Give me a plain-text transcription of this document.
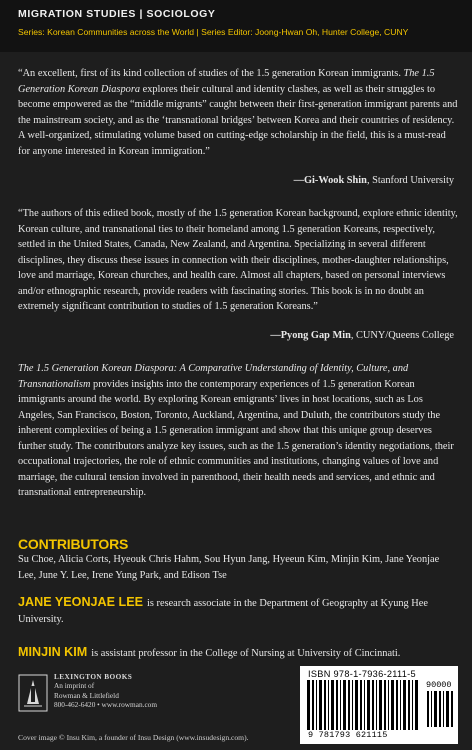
MIGRATION STUDIES | SOCIOLOGY
Series: Korean Communities across the World | Series Editor: Joong-Hwan Oh, Hunter College, CUNY
“An excellent, first of its kind collection of studies of the 1.5 generation Korean immigrants. The 1.5 Generation Korean Diaspora explores their cultural and identity clashes, as well as their struggles to become empowered as the “middle migrants” caught between their first-generation immigrant parents and the mainstream society, and as the ‘transnational bridges’ between Korea and their countries of residency. A well-organized, stimulating volume based on cutting-edge scholarship in the field, this is a must-read for anyone interested in Korean immigration.”
—Gi-Wook Shin, Stanford University
“The authors of this edited book, mostly of the 1.5 generation Korean background, explore ethnic identity, Korean culture, and transnational ties to their homeland among 1.5 generation Koreans, respectively, settled in the United States, Canada, New Zealand, and Argentina. Specializing in several different disciplines, they discuss these issues in connection with their disciplines, mother-daughter relationships, love and marriage, Korean churches, and health care. Almost all chapters, based on personal interviews and/or ethnographic research, provide readers with fascinating stories. This book is in no doubt an extremely significant contribution to studies of 1.5 generation Koreans.”
—Pyong Gap Min, CUNY/Queens College
The 1.5 Generation Korean Diaspora: A Comparative Understanding of Identity, Culture, and Transnationalism provides insights into the contemporary experiences of 1.5 generation Korean immigrants around the world. By exploring Korean emigrants’ lives in host locations, such as Los Angeles, San Francisco, Boston, Toronto, Auckland, Argentina, and Duluth, the contributors study the inherent complexities of being a 1.5 generation immigrant and show that this unique group deserves further study. The contributors analyze key issues, such as the 1.5 generation’s identity negotiations, their occupational trajectories, the role of ethnic communities and institutions, changing values of love and marriage, the cultural tension involved in parenthood, their health needs and services, and ethnic and transnational entrepreneurship.
CONTRIBUTORS
Su Choe, Alicia Corts, Hyeouk Chris Hahm, Sou Hyun Jang, Hyeeun Kim, Minjin Kim, Jane Yeonjae Lee, June Y. Lee, Irene Yung Park, and Edison Tse
JANE YEONJAE LEE is research associate in the Department of Geography at Kyung Hee University.
MINJIN KIM is assistant professor in the College of Nursing at University of Cincinnati.
LEXINGTON BOOKS
An imprint of
Rowman & Littlefield
800-462-6420 • www.rowman.com
ISBN 978-1-7936-2111-5
90000
9 781793 621115
Cover image © Insu Kim, a founder of Insu Design (www.insudesign.com).
